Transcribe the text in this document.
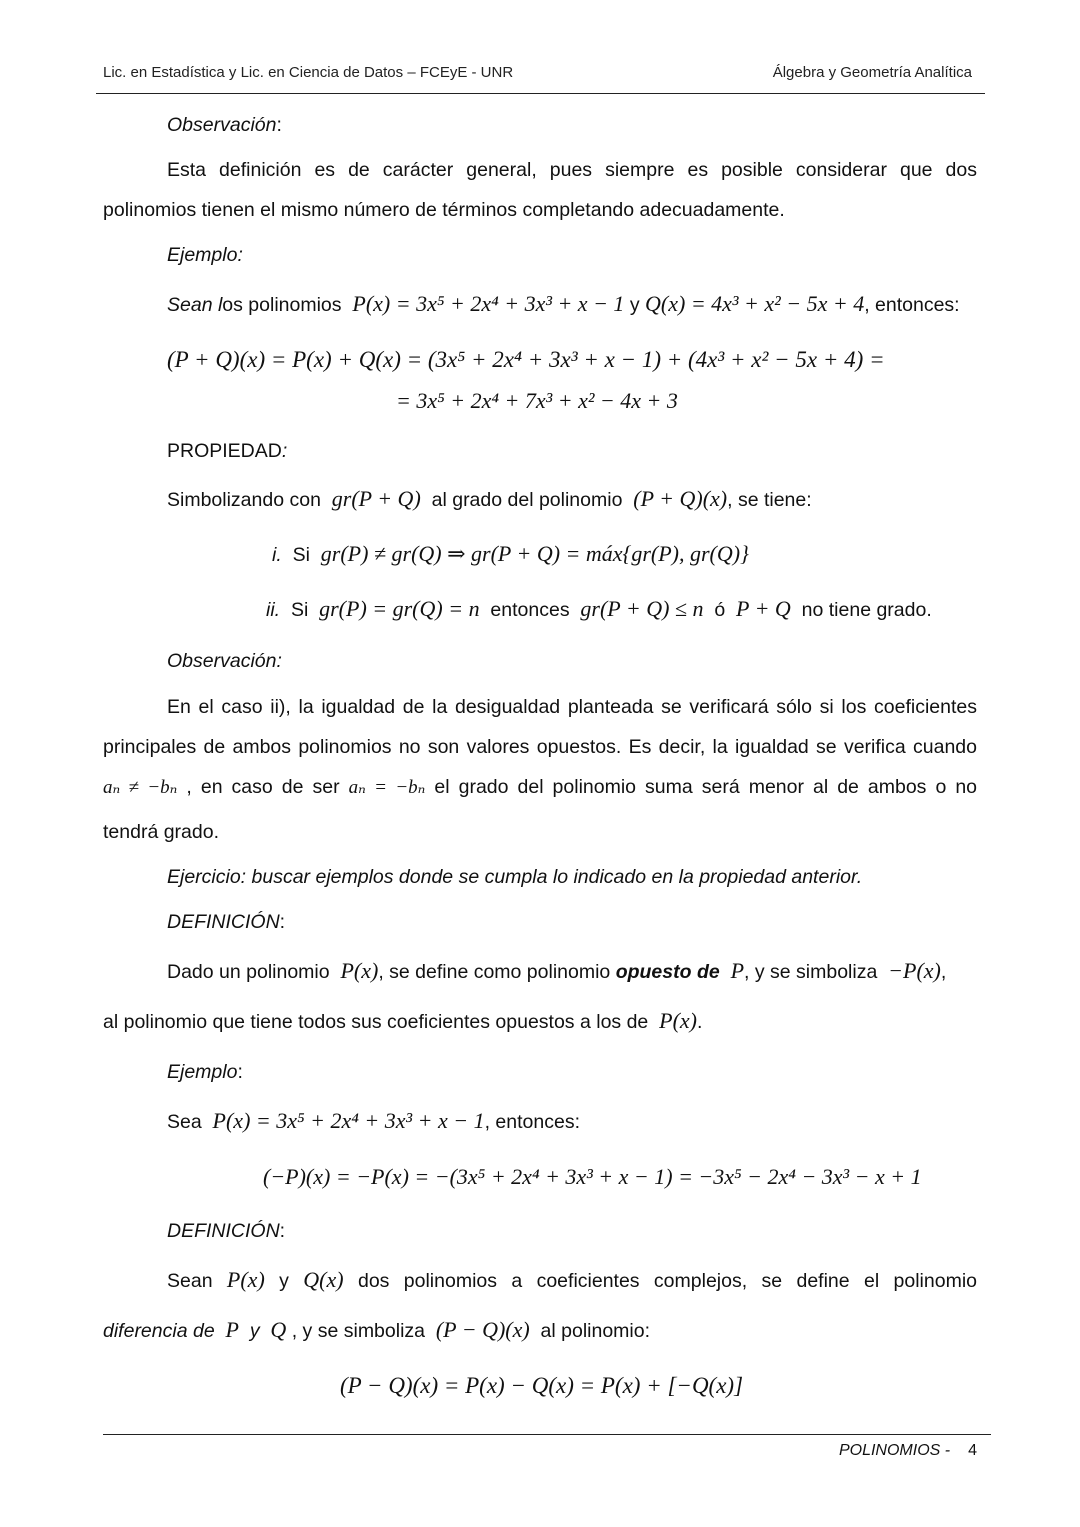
Lic. en Estadística y Lic. en Ciencia de Datos – FCEyE - UNR	Álgebra y Geometría Analítica
Observación:
Esta definición es de carácter general, pues siempre es posible considerar que dos
polinomios tienen el mismo número de términos completando adecuadamente.
Ejemplo:
Sean los polinomios P(x) = 3x⁵ + 2x⁴ + 3x³ + x − 1 y Q(x) = 4x³ + x² − 5x + 4, entonces:
(P + Q)(x) = P(x) + Q(x) = (3x⁵ + 2x⁴ + 3x³ + x − 1) + (4x³ + x² − 5x + 4) =
= 3x⁵ + 2x⁴ + 7x³ + x² − 4x + 3
PROPIEDAD:
Simbolizando con gr(P + Q) al grado del polinomio (P + Q)(x), se tiene:
i. Si gr(P) ≠ gr(Q) ⇒ gr(P + Q) = máx{gr(P), gr(Q)}
ii. Si gr(P) = gr(Q) = n entonces gr(P + Q) ≤ n ó P + Q no tiene grado.
Observación:
En el caso ii), la igualdad de la desigualdad planteada se verificará sólo si los coeficientes
principales de ambos polinomios no son valores opuestos. Es decir, la igualdad se verifica cuando
aₙ ≠ −bₙ , en caso de ser aₙ = −bₙ el grado del polinomio suma será menor al de ambos o no
tendrá grado.
Ejercicio: buscar ejemplos donde se cumpla lo indicado en la propiedad anterior.
DEFINICIÓN:
Dado un polinomio P(x), se define como polinomio opuesto de P, y se simboliza −P(x),
al polinomio que tiene todos sus coeficientes opuestos a los de P(x).
Ejemplo:
Sea P(x) = 3x⁵ + 2x⁴ + 3x³ + x − 1, entonces:
(−P)(x) = −P(x) = −(3x⁵ + 2x⁴ + 3x³ + x − 1) = −3x⁵ − 2x⁴ − 3x³ − x + 1
DEFINICIÓN:
Sean P(x) y Q(x) dos polinomios a coeficientes complejos, se define el polinomio
diferencia de P y Q , y se simboliza (P − Q)(x) al polinomio:
(P − Q)(x) = P(x) − Q(x) = P(x) + [−Q(x)]
POLINOMIOS - 4
